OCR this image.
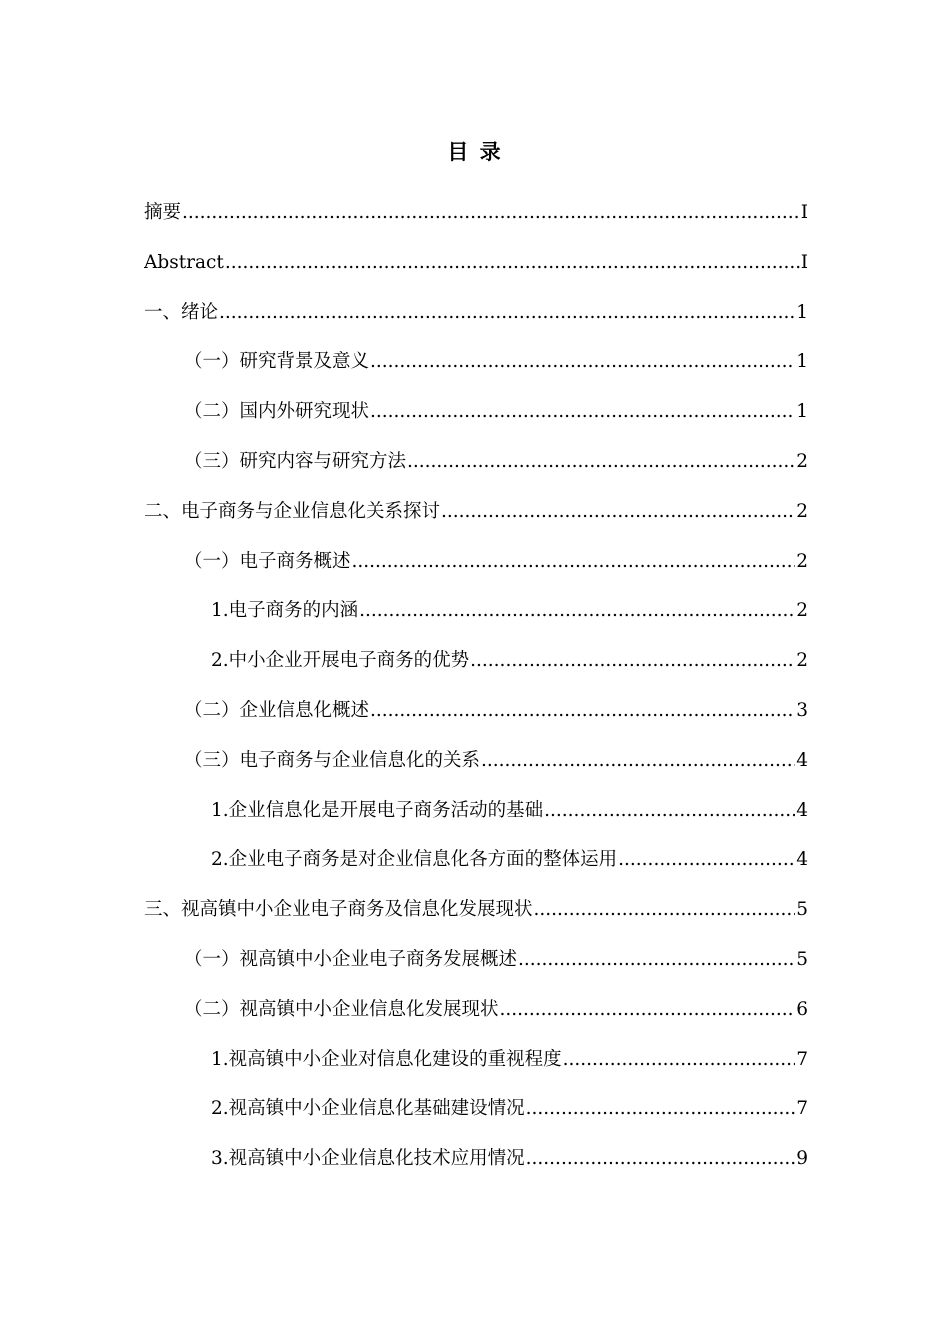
目 录
摘要 .....	I
Abstract .....	I
一、绪论 .....	1
（一）研究背景及意义 .....	1
（二）国内外研究现状 .....	1
（三）研究内容与研究方法 .....	2
二、电子商务与企业信息化关系探讨 .....	2
（一）电子商务概述 .....	2
1.电子商务的内涵 .....	2
2.中小企业开展电子商务的优势 .....	2
（二）企业信息化概述 .....	3
（三）电子商务与企业信息化的关系 .....	4
1.企业信息化是开展电子商务活动的基础 .....	4
2.企业电子商务是对企业信息化各方面的整体运用 .....	4
三、视高镇中小企业电子商务及信息化发展现状 .....	5
（一）视高镇中小企业电子商务发展概述 .....	5
（二）视高镇中小企业信息化发展现状 .....	6
1.视高镇中小企业对信息化建设的重视程度 .....	7
2.视高镇中小企业信息化基础建设情况 .....	7
3.视高镇中小企业信息化技术应用情况 .....	9
